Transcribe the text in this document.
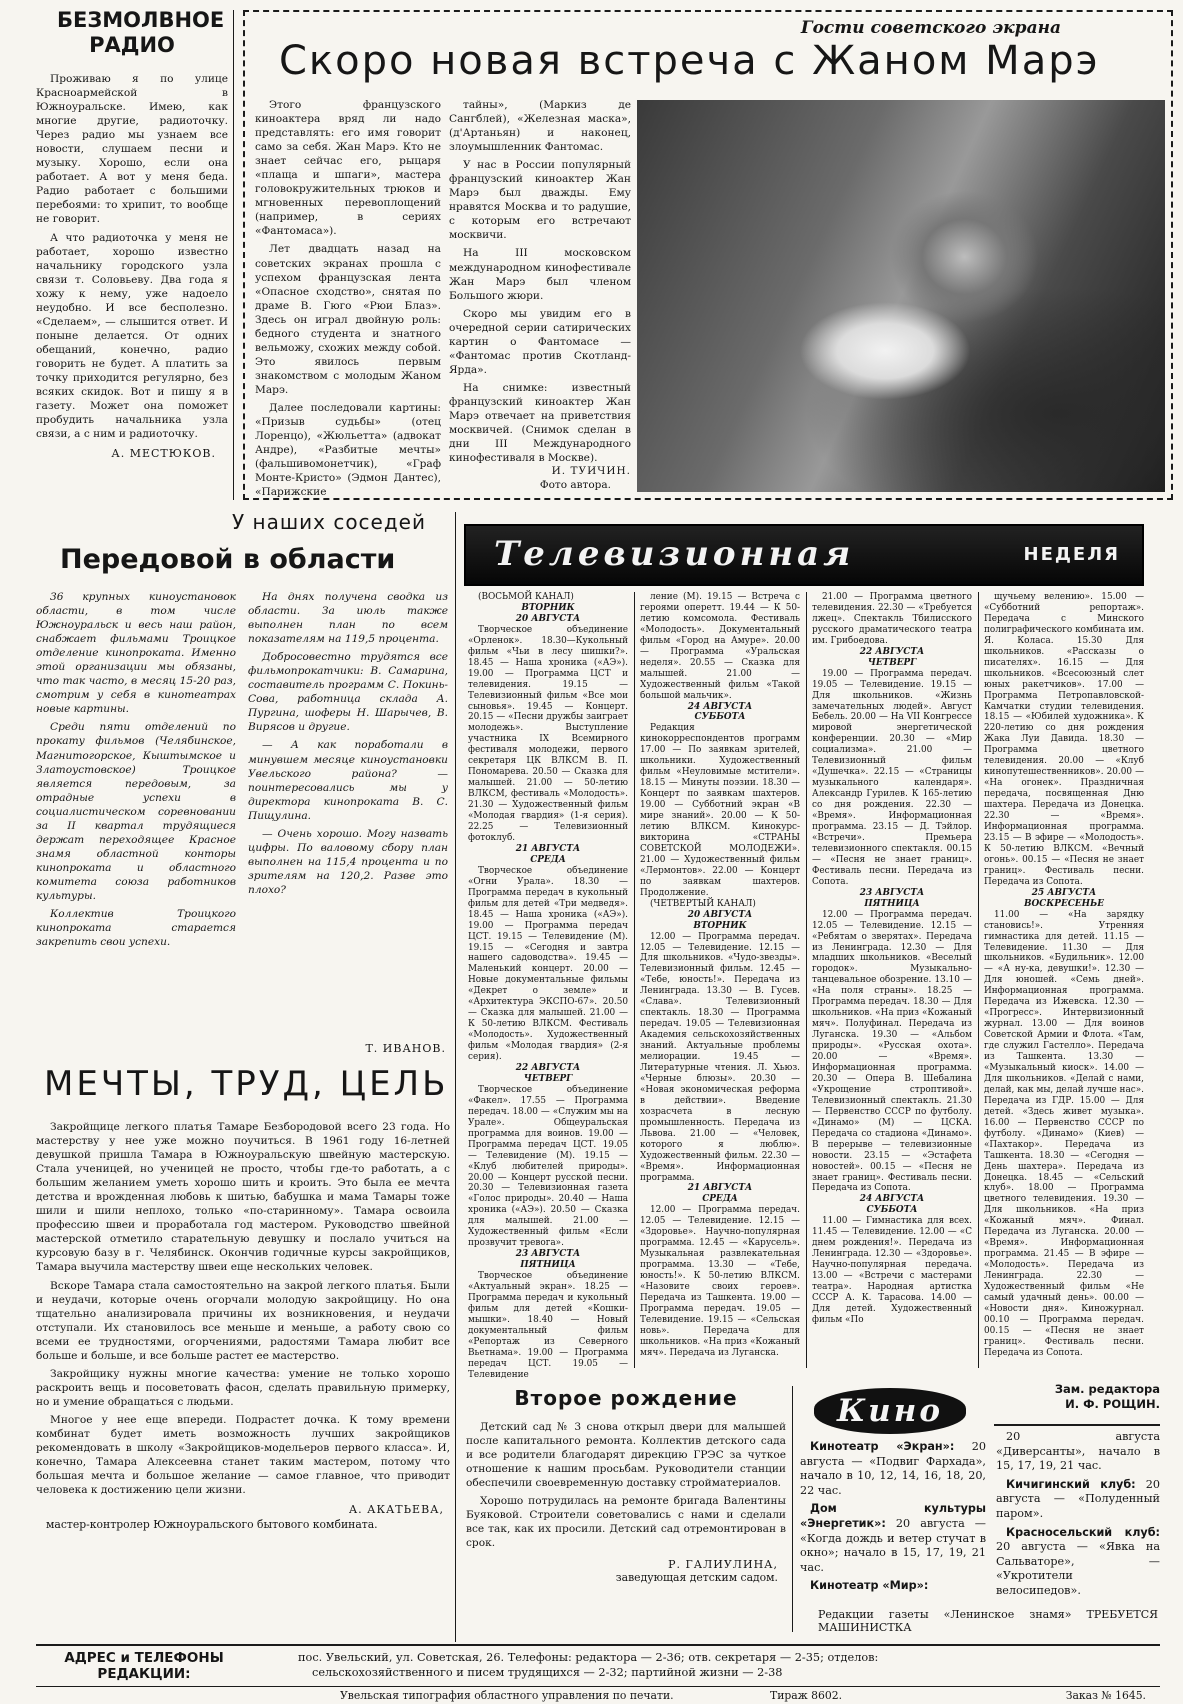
БЕЗМОЛВНОЕ РАДИО
Проживаю я по улице Красноармейской в Южноуральске. Имею, как многие другие, радиоточку. Через радио мы узнаем все новости, слушаем песни и музыку. Хорошо, если она работает. А вот у меня беда. Радио работает с большими перебоями: то хрипит, то вообще не говорит.
А что радиоточка у меня не работает, хорошо известно начальнику городского узла связи т. Соловьеву. Два года я хожу к нему, уже надоело неудобно. И все бесполезно. «Сделаем», — слышится ответ. И поныне делается. От одних обещаний, конечно, радио говорить не будет. А платить за точку приходится регулярно, без всяких скидок. Вот и пишу я в газету. Может она поможет пробудить начальника узла связи, а с ним и радиоточку.
А. МЕСТЮКОВ.
Гости советского экрана
Скоро новая встреча с Жаном Марэ
Этого французского киноактера вряд ли надо представлять: его имя говорит само за себя. Жан Марэ. Кто не знает сейчас его, рыцаря «плаща и шпаги», мастера головокружительных трюков и мгновенных перевоплощений (например, в сериях «Фантомаса»).
Лет двадцать назад на советских экранах прошла с успехом французская лента «Опасное сходство», снятая по драме В. Гюго «Рюи Блаз». Здесь он играл двойную роль: бедного студента и знатного вельможу, схожих между собой. Это явилось первым знакомством с молодым Жаном Марэ.
Далее последовали картины: «Призыв судьбы» (отец Лоренцо), «Жюльетта» (адвокат Андре), «Разбитые мечты» (фальшивомонетчик), «Граф Монте-Кристо» (Эдмон Дантес), «Парижские
тайны», (Маркиз де Сангблей), «Железная маска», (д'Артаньян) и наконец, злоумышленник Фантомас.
У нас в России популярный французский киноактер Жан Марэ был дважды. Ему нравятся Москва и то радушие, с которым его встречают москвичи.
На III московском международном кинофестивале Жан Марэ был членом Большого жюри.
Скоро мы увидим его в очередной серии сатирических картин о Фантомасе — «Фантомас против Скотланд-Ярда».
На снимке: известный французский киноактер Жан Марэ отвечает на приветствия москвичей. (Снимок сделан в дни III Международного кинофестиваля в Москве).
И. ТУИЧИН.
Фото автора.
У наших соседей
Передовой в области
36 крупных киноустановок области, в том числе Южноуральск и весь наш район, снабжает фильмами Троицкое отделение кинопроката. Именно этой организации мы обязаны, что так часто, в месяц 15-20 раз, смотрим у себя в кинотеатрах новые картины.
Среди пяти отделений по прокату фильмов (Челябинское, Магнитогорское, Кыштымское и Златоустовское) Троицкое является передовым, за отрадные успехи в социалистическом соревновании за II квартал трудящиеся держат переходящее Красное знамя областной конторы кинопроката и областного комитета союза работников культуры.
Коллектив Троицкого кинопроката старается закрепить свои успехи.
На днях получена сводка из области. За июль также выполнен план по всем показателям на 119,5 процента.
Добросовестно трудятся все фильмопрокатчики: В. Самарина, составитель программ С. Покинь-Сова, работница склада А. Пургина, шоферы Н. Шарычев, В. Вирясов и другие.
— А как поработали в минувшем месяце киноустановки Увельского района? — поинтересовались мы у директора кинопроката В. С. Пищулина.
— Очень хорошо. Могу назвать цифры. По валовому сбору план выполнен на 115,4 процента и по зрителям на 120,2. Разве это плохо?
Т. ИВАНОВ.
МЕЧТЫ, ТРУД, ЦЕЛЬ
Закройщице легкого платья Тамаре Безбородовой всего 23 года. Но мастерству у нее уже можно поучиться. В 1961 году 16-летней девушкой пришла Тамара в Южноуральскую швейную мастерскую. Стала ученицей, но ученицей не просто, чтобы где-то работать, а с большим желанием уметь хорошо шить и кроить. Это была ее мечта детства и врожденная любовь к шитью, бабушка и мама Тамары тоже шили и шили неплохо, только «по-старинному». Тамара освоила профессию швеи и проработала год мастером. Руководство швейной мастерской отметило старательную девушку и послало учиться на курсовую базу в г. Челябинск. Окончив годичные курсы закройщиков, Тамара выучила мастерству швеи еще нескольких человек.
Вскоре Тамара стала самостоятельно на закрой легкого платья. Были и неудачи, которые очень огорчали молодую закройщицу. Но она тщательно анализировала причины их возникновения, и неудачи отступали. Их становилось все меньше и меньше, а работу свою со всеми ее трудностями, огорчениями, радостями Тамара любит все больше и больше, и все больше растет ее мастерство.
Закройщику нужны многие качества: умение не только хорошо раскроить вещь и посоветовать фасон, сделать правильную примерку, но и умение обращаться с людьми.
Многое у нее еще впереди. Подрастет дочка. К тому времени комбинат будет иметь возможность лучших закройщиков рекомендовать в школу «Закройщиков-модельеров первого класса». И, конечно, Тамара Алексеевна станет таким мастером, потому что большая мечта и большое желание — самое главное, что приводит человека к достижению цели жизни.
А. АКАТЬЕВА,
мастер-контролер Южноуральского бытового комбината.
Телевизионная	НЕДЕЛЯ
(ВОСЬМОЙ КАНАЛ)
ВТОРНИК
20 АВГУСТА
Творческое объединение «Орленок». 18.30—Кукольный фильм «Чьи в лесу шишки?». 18.45 — Наша хроника («АЭ»). 19.00 — Программа ЦСТ и телевидения. 19.15 — Телевизионный фильм «Все мои сыновья». 19.45 — Концерт. 20.15 — «Песни дружбы заиграет молодежь». Выступление участника IX Всемирного фестиваля молодежи, первого секретаря ЦК ВЛКСМ В. П. Пономарева. 20.50 — Сказка для малышей. 21.00 — 50-летию ВЛКСМ, фестиваль «Молодость». 21.30 — Художественный фильм «Молодая гвардия» (1-я серия). 22.25 — Телевизионный фотоклуб.
21 АВГУСТА
СРЕДА
Творческое объединение «Огни Урала». 18.30 — Программа передач в кукольный фильм для детей «Три медведя». 18.45 — Наша хроника («АЭ»). 19.00 — Программа передач ЦСТ. 19.15 — Телевидение (М). 19.15 — «Сегодня и завтра нашего садоводства». 19.45 — Маленький концерт. 20.00 — Новые документальные фильмы «Декрет о земле» и «Архитектура ЭКСПО-67». 20.50 — Сказка для малышей. 21.00 — К 50-летию ВЛКСМ. Фестиваль «Молодость». Художественный фильм «Молодая гвардия» (2-я серия).
22 АВГУСТА
ЧЕТВЕРГ
Творческое объединение «Факел». 17.55 — Программа передач. 18.00 — «Служим мы на Урале». Общеуральская программа для воинов. 19.00 — Программа передач ЦСТ. 19.05 — Телевидение (М). 19.15 — «Клуб любителей природы». 20.00 — Концерт русской песни. 20.30 — Телевизионная газета «Голос природы». 20.40 — Наша хроника («АЭ»). 20.50 — Сказка для малышей. 21.00 — Художественный фильм «Если прозвучит тревога».
23 АВГУСТА
ПЯТНИЦА
Творческое объединение «Актуальный экран». 18.25 — Программа передач и кукольный фильм для детей «Кошки-мышки». 18.40 — Новый документальный фильм «Репортаж из Северного Вьетнама». 19.00 — Программа передач ЦСТ. 19.05 — Телевидение
ление (М). 19.15 — Встреча с героями оперетт. 19.44 — К 50-летию комсомола. Фестиваль «Молодость». Документальный фильм «Город на Амуре». 20.00 — Программа «Уральская неделя». 20.55 — Сказка для малышей. 21.00 — Художественный фильм «Такой большой мальчик».
24 АВГУСТА
СУББОТА
Редакция кинокорреспондентов программ 17.00 — По заявкам зрителей, школьники. Художественный фильм «Неуловимые мстители». 18.15 — Минуты поэзии. 18.30 — Концерт по заявкам шахтеров. 19.00 — Субботний экран «В мире знаний». 20.00 — К 50-летию ВЛКСМ. Кинокурс-викторина «СТРАНЫ СОВЕТСКОЙ МОЛОДЕЖИ». 21.00 — Художественный фильм «Лермонтов». 22.00 — Концерт по заявкам шахтеров. Продолжение.
(ЧЕТВЕРТЫЙ КАНАЛ)
20 АВГУСТА
ВТОРНИК
12.00 — Программа передач. 12.05 — Телевидение. 12.15 — Для школьников. «Чудо-звезды». Телевизионный фильм. 12.45 — «Тебе, юность!». Передача из Ленинграда. 13.30 — В. Гусев. «Слава». Телевизионный спектакль. 18.30 — Программа передач. 19.05 — Телевизионная Академия сельскохозяйственных знаний. Актуальные проблемы мелиорации. 19.45 — Литературные чтения. Л. Хьюз. «Черные блюзы». 20.30 — «Новая экономическая реформа в действии». Введение хозрасчета в лесную промышленность. Передача из Львова. 21.00 — «Человек, которого я люблю». Художественный фильм. 22.30 — «Время». Информационная программа.
21 АВГУСТА
СРЕДА
12.00 — Программа передач. 12.05 — Телевидение. 12.15 — «Здоровье». Научно-популярная программа. 12.45 — «Карусель». Музыкальная развлекательная программа. 13.30 — «Тебе, юность!». К 50-летию ВЛКСМ. «Назовите своих героев». Передача из Ташкента. 19.00 — Программа передач. 19.05 — Телевидение. 19.15 — «Сельская новь». Передача для школьников. «На приз «Кожаный мяч». Передача из Луганска.
21.00 — Программа цветного телевидения. 22.30 — «Требуется лжец». Спектакль Тбилисского русского драматического театра им. Грибоедова.
22 АВГУСТА
ЧЕТВЕРГ
19.00 — Программа передач. 19.05 — Телевидение. 19.15 — Для школьников. «Жизнь замечательных людей». Август Бебель. 20.00 — На VII Конгрессе мировой энергетической конференции. 20.30 — «Мир социализма». 21.00 — Телевизионный фильм «Душечка». 22.15 — «Страницы музыкального календаря». Александр Гурилев. К 165-летию со дня рождения. 22.30 — «Время». Информационная программа. 23.15 — Д. Тэйлор. «Встречи». Премьера телевизионного спектакля. 00.15 — «Песня не знает границ». Фестиваль песни. Передача из Сопота.
23 АВГУСТА
ПЯТНИЦА
12.00 — Программа передач. 12.05 — Телевидение. 12.15 — «Ребятам о зверятах». Передача из Ленинграда. 12.30 — Для младших школьников. «Веселый городок». Музыкально-танцевальное обозрение. 13.10 — «На поля страны». 18.25 — Программа передач. 18.30 — Для школьников. «На приз «Кожаный мяч». Полуфинал. Передача из Луганска. 19.30 — «Альбом природы». «Русская охота». 20.00 — «Время». Информационная программа. 20.30 — Опера В. Шебалина «Укрощение строптивой». Телевизионный спектакль. 21.30 — Первенство СССР по футболу. «Динамо» (М) — ЦСКА. Передача со стадиона «Динамо». В перерыве — телевизионные новости. 23.15 — «Эстафета новостей». 00.15 — «Песня не знает границ». Фестиваль песни. Передача из Сопота.
24 АВГУСТА
СУББОТА
11.00 — Гимнастика для всех. 11.45 — Телевидение. 12.00 — «С днем рождения!». Передача из Ленинграда. 12.30 — «Здоровье». Научно-популярная передача. 13.00 — «Встречи с мастерами театра». Народная артистка СССР А. К. Тарасова. 14.00 — Для детей. Художественный фильм «По
щучьему велению». 15.00 — «Субботний репортаж». Передача с Минского полиграфического комбината им. Я. Коласа. 15.30 Для школьников. «Рассказы о писателях». 16.15 — Для школьников. «Всесоюзный слет юных ракетчиков». 17.00 — Программа Петропавловской-Камчатки студии телевидения. 18.15 — «Юбилей художника». К 220-летию со дня рождения Жака Луи Давида. 18.30 — Программа цветного телевидения. 20.00 — «Клуб кинопутешественников». 20.00 — «На огонек». Праздничная передача, посвященная Дню шахтера. Передача из Донецка. 22.30 — «Время». Информационная программа. 23.15 — В эфире — «Молодость». К 50-летию ВЛКСМ. «Вечный огонь». 00.15 — «Песня не знает границ». Фестиваль песни. Передача из Сопота.
25 АВГУСТА
ВОСКРЕСЕНЬЕ
11.00 — «На зарядку становись!». Утренняя гимнастика для детей. 11.15 — Телевидение. 11.30 — Для школьников. «Будильник». 12.00 — «А ну-ка, девушки!». 12.30 — Для юношей. «Семь дней». Информационная программа. Передача из Ижевска. 12.30 — «Прогресс». Интервизионный журнал. 13.00 — Для воинов Советской Армии и Флота. «Там, где служил Гастелло». Передача из Ташкента. 13.30 — «Музыкальный киоск». 14.00 — Для школьников. «Делай с нами, делай, как мы, делай лучше нас». Передача из ГДР. 15.00 — Для детей. «Здесь живет музыка». 16.00 — Первенство СССР по футболу. «Динамо» (Киев) — «Пахтакор». Передача из Ташкента. 18.30 — «Сегодня — День шахтера». Передача из Донецка. 18.45 — «Сельский клуб». 18.00 — Программа цветного телевидения. 19.30 — Для школьников. «На приз «Кожаный мяч». Финал. Передача из Луганска. 20.00 — «Время». Информационная программа. 21.45 — В эфире — «Молодость». Передача из Ленинграда. 22.30 — Художественный фильм «Не самый удачный день». 00.00 — «Новости дня». Киножурнал. 00.10 — Программа передач. 00.15 — «Песня не знает границ». Фестиваль песни. Передача из Сопота.
Второе рождение
Детский сад № 3 снова открыл двери для малышей после капитального ремонта. Коллектив детского сада и все родители благодарят дирекцию ГРЭС за чуткое отношение к нашим просьбам. Руководители станции обеспечили своевременную доставку стройматериалов.
Хорошо потрудилась на ремонте бригада Валентины Буяковой. Строители советовались с нами и сделали все так, как их просили. Детский сад отремонтирован в срок.
Р. ГАЛИУЛИНА,
заведующая детским садом.
Кино
Кинотеатр «Экран»: 20 августа — «Подвиг Фархада», начало в 10, 12, 14, 16, 18, 20, 22 час.
Дом культуры «Энергетик»: 20 августа — «Когда дождь и ветер стучат в окно»; начало в 15, 17, 19, 21 час.
Кинотеатр «Мир»:
Зам. редактора
И. Ф. РОЩИН.
20 августа «Диверсанты», начало в 15, 17, 19, 21 час.
Кичигинский клуб: 20 августа — «Полуденный паром».
Красносельский клуб: 20 августа — «Явка на Сальваторе», — «Укротители велосипедов».
Редакции газеты «Ленинское знамя» ТРЕБУЕТСЯ МАШИНИСТКА
АДРЕС и ТЕЛЕФОНЫ
РЕДАКЦИИ:
пос. Увельский, ул. Советская, 26. Телефоны: редактора — 2-36; отв. секретаря — 2-35; отделов:
сельскохозяйственного и писем трудящихся — 2-32; партийной жизни — 2-38
Увельская типография областного управления по печати.	Тираж 8602.	Заказ № 1645.
